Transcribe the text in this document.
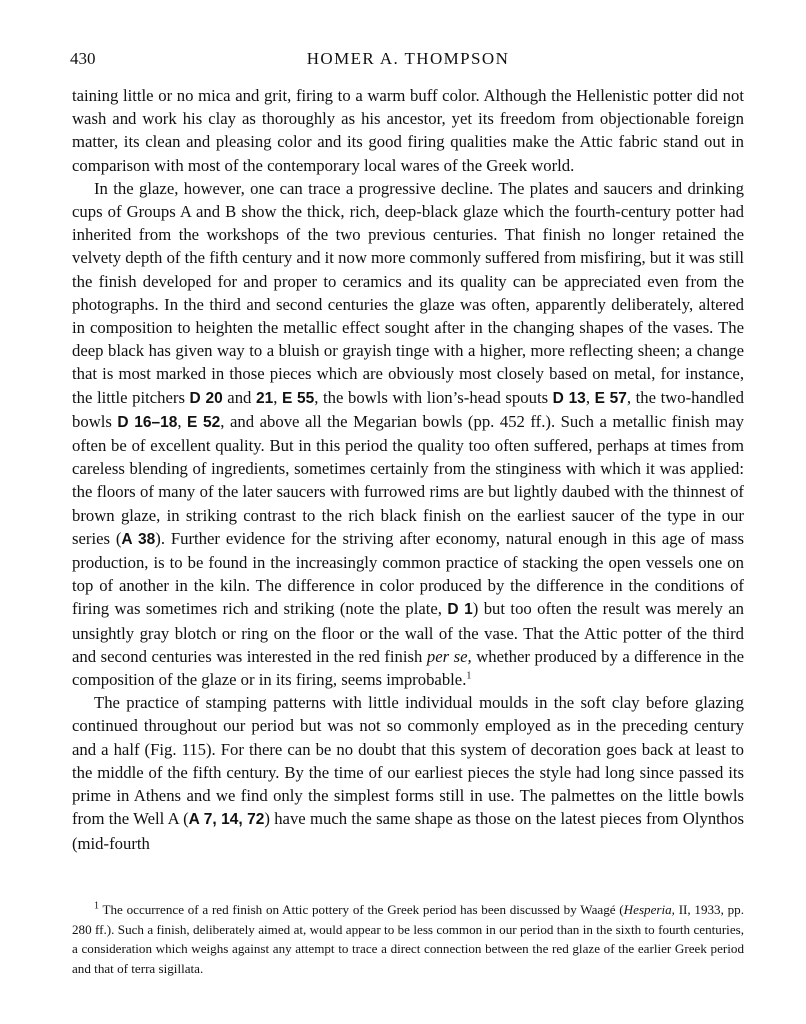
430	HOMER A. THOMPSON

taining little or no mica and grit, firing to a warm buff color. Although the Hellenistic potter did not wash and work his clay as thoroughly as his ancestor, yet its freedom from objectionable foreign matter, its clean and pleasing color and its good firing qualities make the Attic fabric stand out in comparison with most of the contemporary local wares of the Greek world.

In the glaze, however, one can trace a progressive decline. The plates and saucers and drinking cups of Groups A and B show the thick, rich, deep-black glaze which the fourth-century potter had inherited from the workshops of the two previous centuries. That finish no longer retained the velvety depth of the fifth century and it now more commonly suffered from misfiring, but it was still the finish developed for and proper to ceramics and its quality can be appreciated even from the photographs. In the third and second centuries the glaze was often, apparently deliberately, altered in composition to heighten the metallic effect sought after in the changing shapes of the vases. The deep black has given way to a bluish or grayish tinge with a higher, more reflecting sheen; a change that is most marked in those pieces which are obviously most closely based on metal, for instance, the little pitchers D 20 and 21, E 55, the bowls with lion’s-head spouts D 13, E 57, the two-handled bowls D 16–18, E 52, and above all the Megarian bowls (pp. 452 ff.). Such a metallic finish may often be of excellent quality. But in this period the quality too often suffered, perhaps at times from careless blending of ingredients, sometimes certainly from the stinginess with which it was applied: the floors of many of the later saucers with furrowed rims are but lightly daubed with the thinnest of brown glaze, in striking contrast to the rich black finish on the earliest saucer of the type in our series (A 38). Further evidence for the striving after economy, natural enough in this age of mass production, is to be found in the increasingly common practice of stacking the open vessels one on top of another in the kiln. The difference in color produced by the difference in the conditions of firing was sometimes rich and striking (note the plate, D 1) but too often the result was merely an unsightly gray blotch or ring on the floor or the wall of the vase. That the Attic potter of the third and second centuries was interested in the red finish per se, whether produced by a difference in the composition of the glaze or in its firing, seems improbable.$^1$

The practice of stamping patterns with little individual moulds in the soft clay before glazing continued throughout our period but was not so commonly employed as in the preceding century and a half (Fig. 115). For there can be no doubt that this system of decoration goes back at least to the middle of the fifth century. By the time of our earliest pieces the style had long since passed its prime in Athens and we find only the simplest forms still in use. The palmettes on the little bowls from the Well A (A 7, 14, 72) have much the same shape as those on the latest pieces from Olynthos (mid-fourth

$^1$ The occurrence of a red finish on Attic pottery of the Greek period has been discussed by Waagé (Hesperia, II, 1933, pp. 280 ff.). Such a finish, deliberately aimed at, would appear to be less common in our period than in the sixth to fourth centuries, a consideration which weighs against any attempt to trace a direct connection between the red glaze of the earlier Greek period and that of terra sigillata.
